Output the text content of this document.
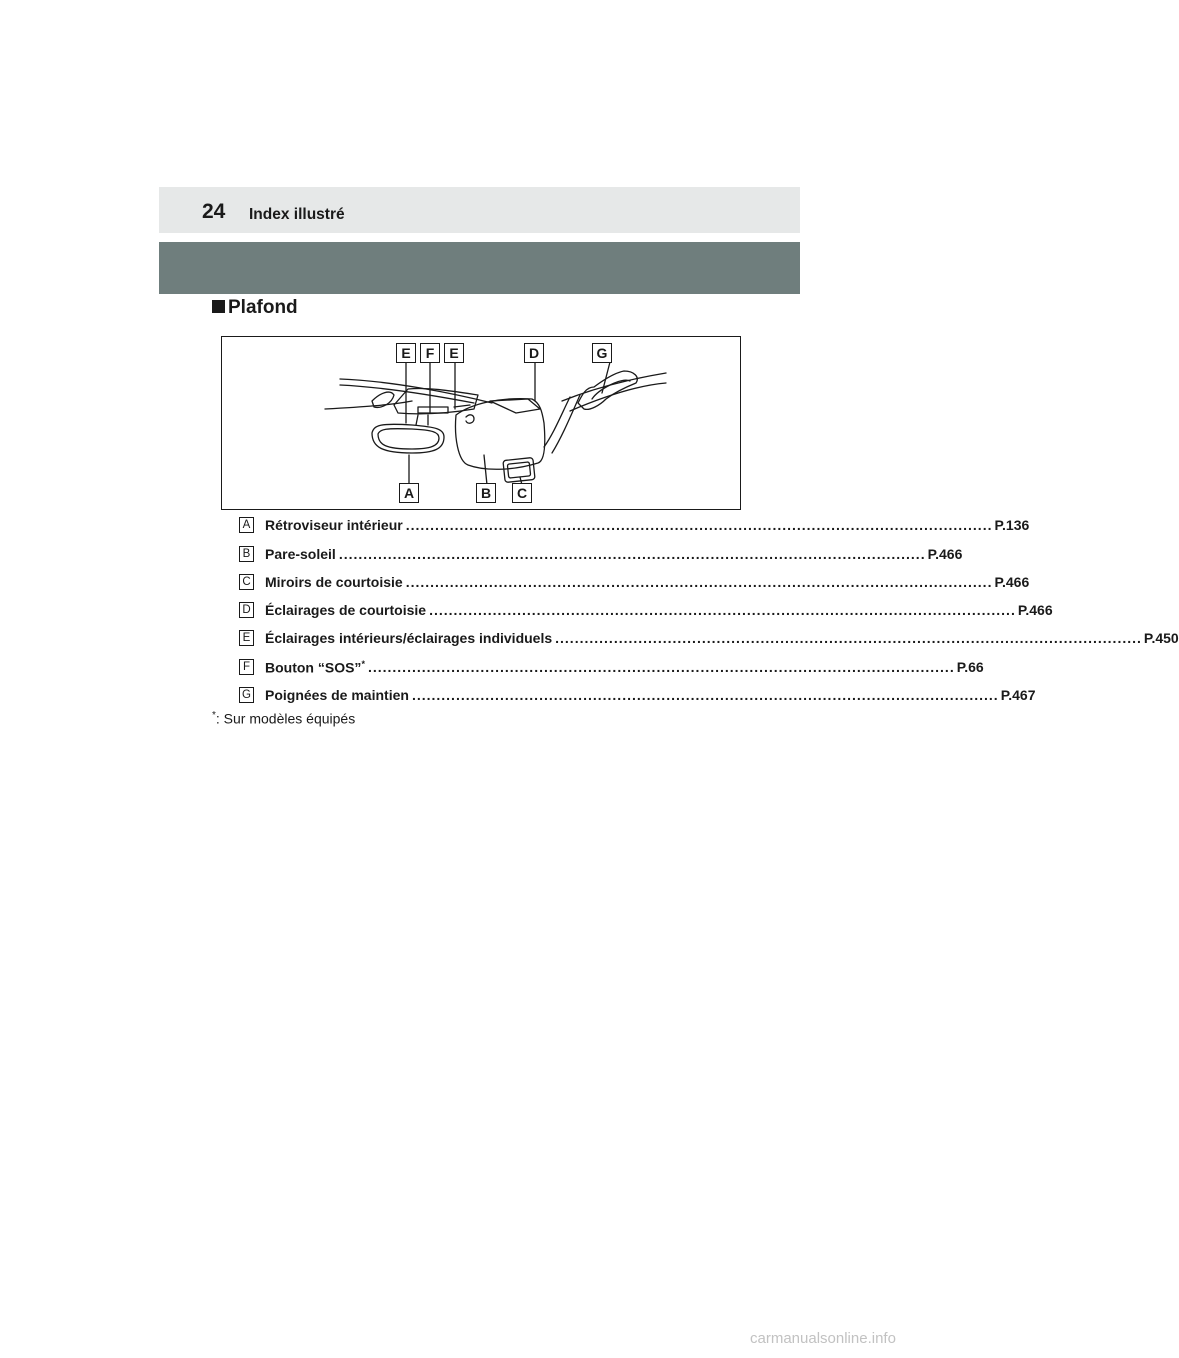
24 Index illustré
Plafond
E	F	E	D	G
A	B	C
A Rétroviseur intérieur ........................................................................................................................ P.136
B Pare-soleil ........................................................................................................................ P.466
C Miroirs de courtoisie ........................................................................................................................ P.466
D Éclairages de courtoisie ........................................................................................................................ P.466
E Éclairages intérieurs/éclairages individuels ........................................................................................................................ P.450
F Bouton “SOS”* ........................................................................................................................ P.66
G Poignées de maintien ........................................................................................................................ P.467
*: Sur modèles équipés
carmanualsonline.info
